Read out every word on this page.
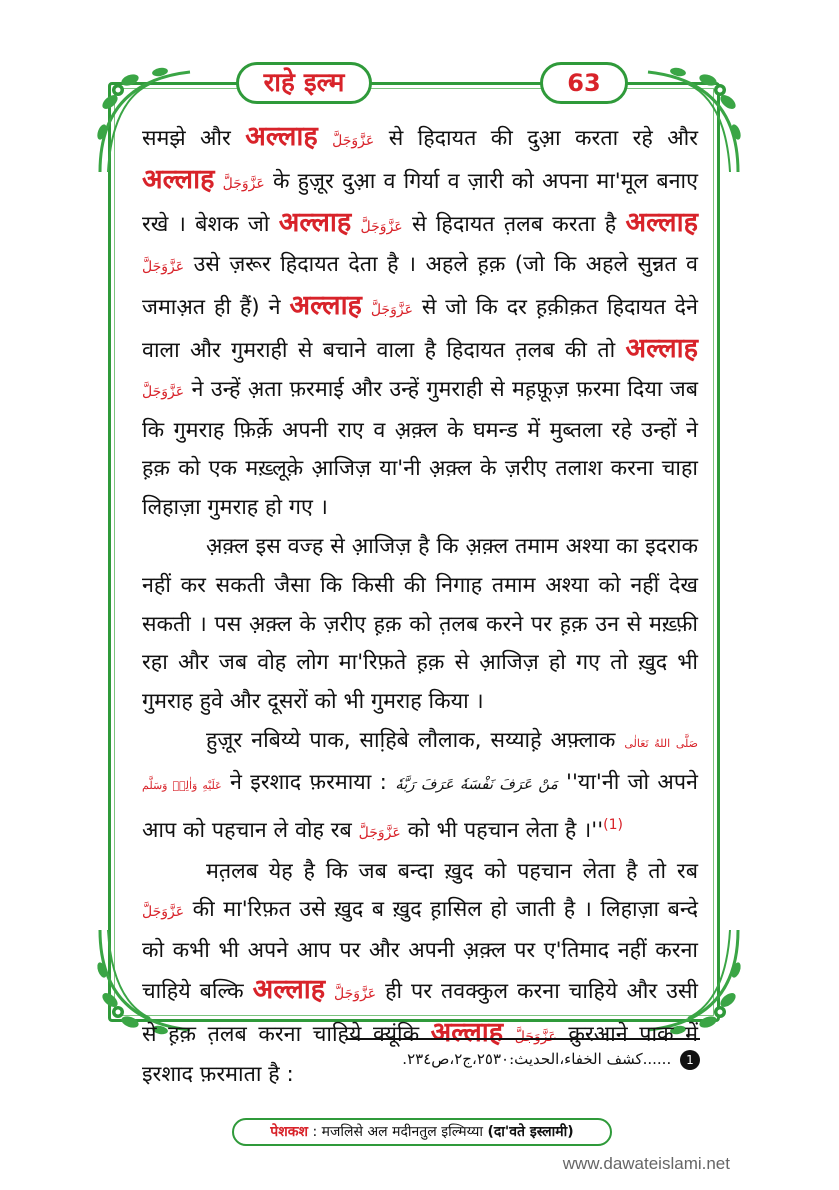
राहे इल्म	63

समझे और अल्लाह عَزَّوَجَلَّ से हिदायत की दुआ़ करता रहे और अल्लाह عَزَّوَجَلَّ के हुज़ूर दुआ़ व गिर्या व ज़ारी को अपना मा'मूल बनाए रखे । बेशक जो अल्लाह عَزَّوَجَلَّ से हिदायत त़लब करता है अल्लाह عَزَّوَجَلَّ उसे ज़रूर हिदायत देता है । अहले ह़क़ (जो कि अहले सुन्नत व जमाअ़त ही हैं) ने अल्लाह عَزَّوَجَلَّ से जो कि दर ह़क़ीक़त हिदायत देने वाला और गुमराही से बचाने वाला है हिदायत त़लब की तो अल्लाह عَزَّوَجَلَّ ने उन्हें अ़ता फ़रमाई और उन्हें गुमराही से मह़फ़ूज़ फ़रमा दिया जब कि गुमराह फ़िर्क़े अपनी राए व अ़क़्ल के घमन्ड में मुब्तला रहे उन्हों ने ह़क़ को एक मख़्लूक़े आ़जिज़ या'नी अ़क़्ल के ज़रीए तलाश करना चाहा लिहाज़ा गुमराह हो गए ।

अ़क़्ल इस वज्ह से आ़जिज़ है कि अ़क़्ल तमाम अश्या का इदराक नहीं कर सकती जैसा कि किसी की निगाह तमाम अश्या को नहीं देख सकती । पस अ़क़्ल के ज़रीए ह़क़ को त़लब करने पर ह़क़ उन से मख़्फ़ी रहा और जब वोह लोग मा'रिफ़ते ह़क़ से आ़जिज़ हो गए तो ख़ुद भी गुमराह हुवे और दूसरों को भी गुमराह किया ।

हुज़ूर नबिय्ये पाक, साहि़बे लौलाक, सय्याहे़ अफ़्लाक صَلَّى اللهُ تَعَالٰى عَلَيْهِ وَاٰلِهٖ وَسَلَّم ने इरशाद फ़रमाया : مَنْ عَرَفَ نَفْسَهٗ عَرَفَ رَبَّهٗ ''या'नी जो अपने आप को पहचान ले वोह रब عَزَّوَجَلَّ को भी पहचान लेता है ।''$^{(1)}$

मत़लब येह है कि जब बन्दा ख़ुद को पहचान लेता है तो रब عَزَّوَجَلَّ की मा'रिफ़त उसे ख़ुद ब ख़ुद ह़ासिल हो जाती है । लिहाज़ा बन्दे को कभी भी अपने आप पर और अपनी अ़क़्ल पर ए'तिमाद नहीं करना चाहिये बल्कि अल्लाह عَزَّوَجَلَّ ही पर तवक्कुल करना चाहिये और उसी से ह़क़ त़लब करना चाहिये क्यूंकि अल्लाह عَزَّوَجَلَّ क़ुरआने पाक में इरशाद फ़रमाता है :

1 ......كشف الخفاء،الحديث:٢٥٣٠،ج٢،ص٢٣٤.
पेशकश : मजलिसे अल मदीनतुल इल्मिय्या (दा'वते इस्लामी)
www.dawateislami.net
